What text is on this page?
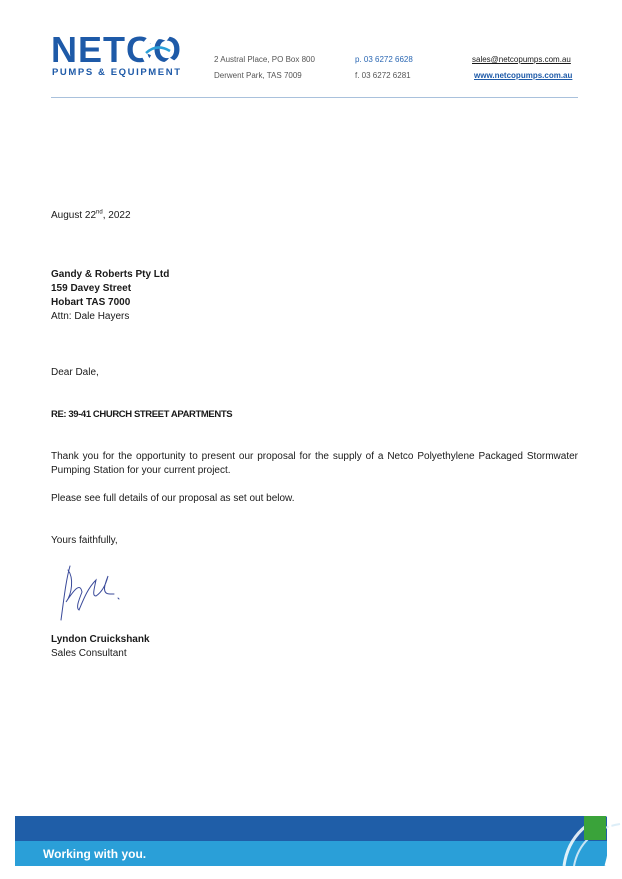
NETCO
PUMPS & EQUIPMENT
2 Austral Place, PO Box 800
Derwent Park, TAS 7009
p. 03 6272 6628
f. 03 6272 6281
sales@netcopumps.com.au
www.netcopumps.com.au
August 22nd, 2022
Gandy & Roberts Pty Ltd
159 Davey Street
Hobart TAS 7000
Attn: Dale Hayers
Dear Dale,
RE: 39-41 CHURCH STREET APARTMENTS
Thank you for the opportunity to present our proposal for the supply of a Netco Polyethylene Packaged Stormwater Pumping Station for your current project.
Please see full details of our proposal as set out below.
Yours faithfully,
Lyndon Cruickshank
Sales Consultant
Working with you.
